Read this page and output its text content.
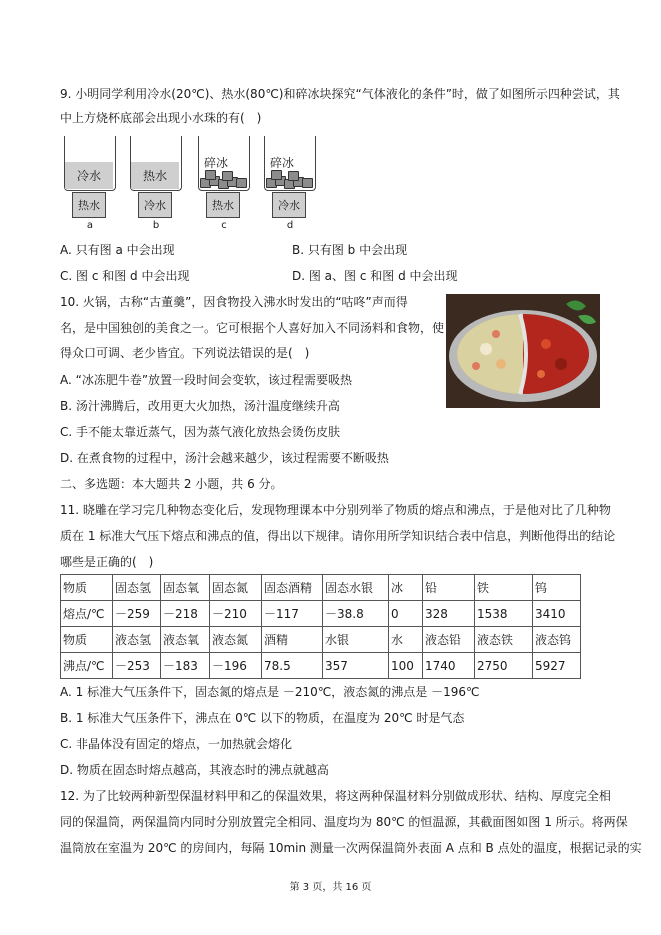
9. 小明同学利用冷水(20℃)、热水(80℃)和碎冰块探究“气体液化的条件”时，做了如图所示四种尝试，其
中上方烧杯底部会出现小水珠的有(　)
冷水
热水
a
热水
冷水
b
碎冰
热水
c
碎冰
冷水
d
A. 只有图 a 中会出现	B. 只有图 b 中会出现
C. 图 c 和图 d 中会出现	D. 图 a、图 c 和图 d 中会出现
10. 火锅，古称“古董羹”，因食物投入沸水时发出的“咕咚”声而得
名，是中国独创的美食之一。它可根据个人喜好加入不同汤料和食物，使
得众口可调、老少皆宜。下列说法错误的是(　)
A. “冰冻肥牛卷”放置一段时间会变软，该过程需要吸热
B. 汤汁沸腾后，改用更大火加热，汤汁温度继续升高
C. 手不能太靠近蒸气，因为蒸气液化放热会烫伤皮肤
D. 在煮食物的过程中，汤汁会越来越少，该过程需要不断吸热
二、多选题：本大题共 2 小题，共 6 分。
11. 晓雕在学习完几种物态变化后，发现物理课本中分别列举了物质的熔点和沸点，于是他对比了几种物
质在 1 标准大气压下熔点和沸点的值，得出以下规律。请你用所学知识结合表中信息，判断他得出的结论
哪些是正确的(　)
物质	固态氢	固态氧	固态氮	固态酒精	固态水银	冰	铅	铁	钨
熔点/℃	－259	－218	－210	－117	－38.8	0	328	1538	3410
物质	液态氢	液态氧	液态氮	酒精	水银	水	液态铅	液态铁	液态钨
沸点/℃	－253	－183	－196	78.5	357	100	1740	2750	5927
A. 1 标准大气压条件下，固态氮的熔点是 －210℃，液态氮的沸点是 －196℃
B. 1 标准大气压条件下，沸点在 0℃ 以下的物质，在温度为 20℃ 时是气态
C. 非晶体没有固定的熔点，一加热就会熔化
D. 物质在固态时熔点越高，其液态时的沸点就越高
12. 为了比较两种新型保温材料甲和乙的保温效果，将这两种保温材料分别做成形状、结构、厚度完全相
同的保温筒，两保温筒内同时分别放置完全相同、温度均为 80℃ 的恒温源，其截面图如图 1 所示。将两保
温筒放在室温为 20℃ 的房间内，每隔 10min 测量一次两保温筒外表面 A 点和 B 点处的温度，根据记录的实
第 3 页，共 16 页
